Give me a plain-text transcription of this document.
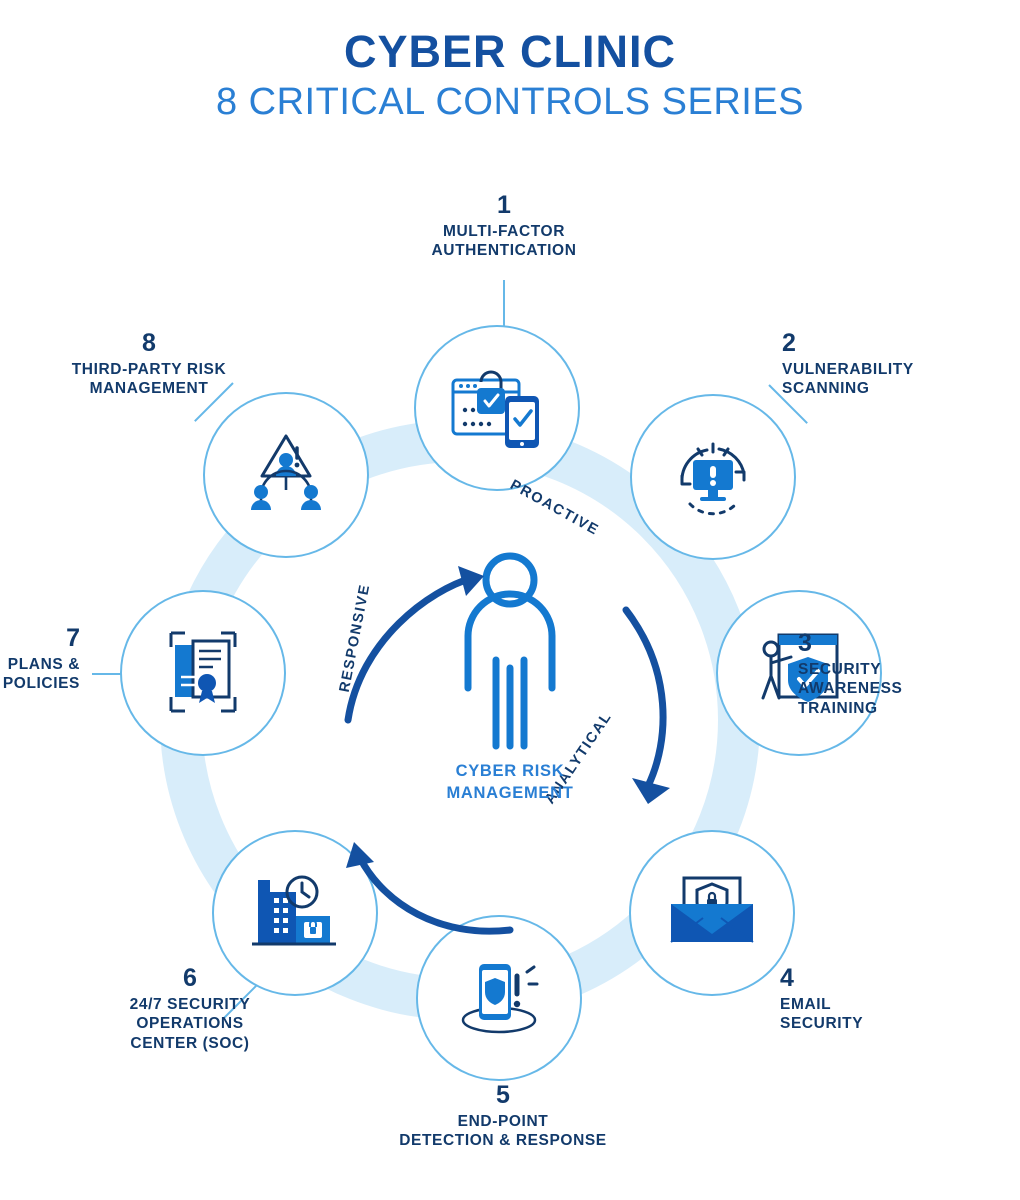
CYBER CLINIC
8 CRITICAL CONTROLS SERIES
1
MULTI-FACTOR
AUTHENTICATION
2
VULNERABILITY
SCANNING
3
SECURITY
AWARENESS
TRAINING
4
EMAIL
SECURITY
5
END-POINT
DETECTION & RESPONSE
6
24/7 SECURITY
OPERATIONS
CENTER (SOC)
7
PLANS &
POLICIES
8
THIRD-PARTY RISK
MANAGEMENT
PROACTIVE
ANALYTICAL
RESPONSIVE
CYBER RISK
MANAGEMENT
